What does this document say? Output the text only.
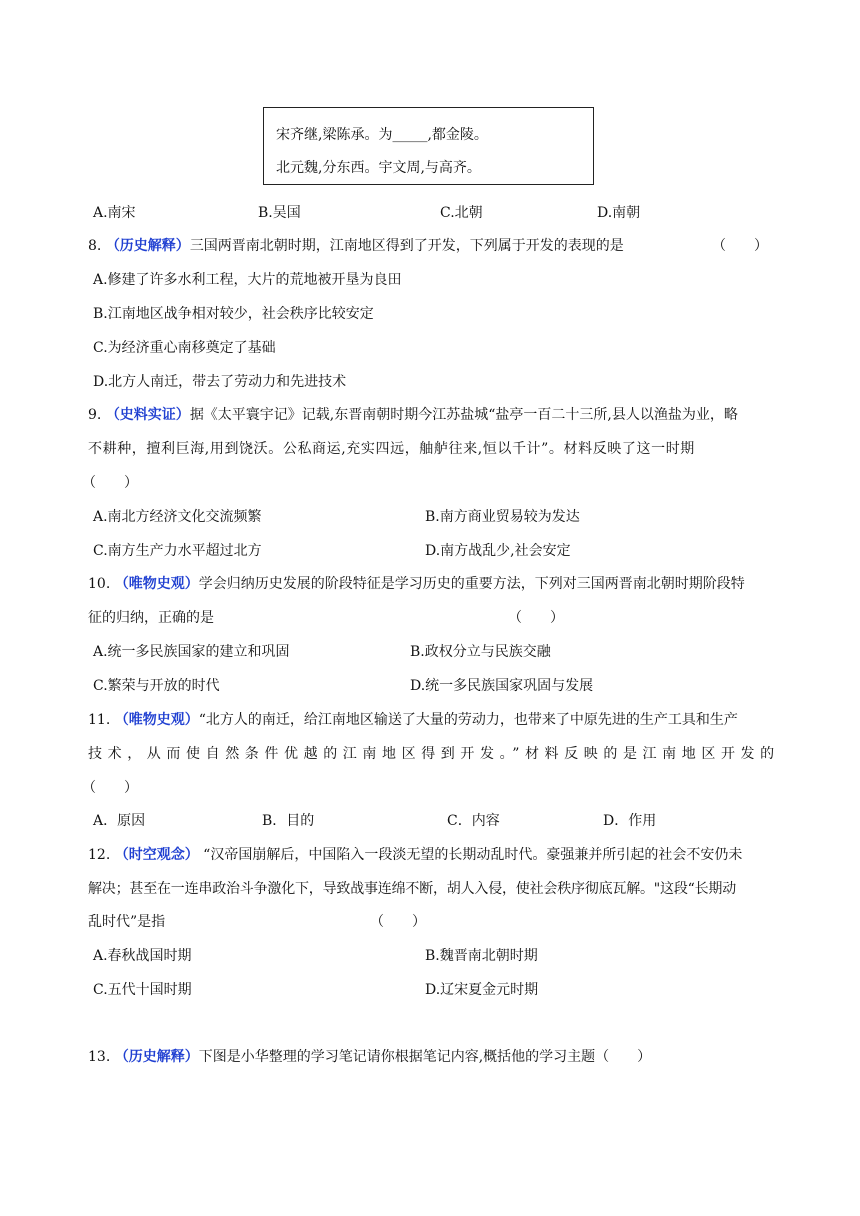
宋齐继,梁陈承。为_____,都金陵。
北元魏,分东西。宇文周,与高齐。
A.南宋	B.吴国	C.北朝	D.南朝
8. （历史解释）三国两晋南北朝时期，江南地区得到了开发，下列属于开发的表现的是	（　　）
A.修建了许多水利工程，大片的荒地被开垦为良田
B.江南地区战争相对较少，社会秩序比较安定
C.为经济重心南移奠定了基础
D.北方人南迁，带去了劳动力和先进技术
9. （史料实证）据《太平寰宇记》记载,东晋南朝时期今江苏盐城“盐亭一百二十三所,县人以渔盐为业，略
不耕种，擅利巨海,用到饶沃。公私商运,充实四远，舳舻往来,恒以千计”。材料反映了这一时期
（　　）
A.南北方经济文化交流频繁	B.南方商业贸易较为发达
C.南方生产力水平超过北方	D.南方战乱少,社会安定
10. （唯物史观）学会归纳历史发展的阶段特征是学习历史的重要方法，下列对三国两晋南北朝时期阶段特
征的归纳，正确的是	（　　）
A.统一多民族国家的建立和巩固	B.政权分立与民族交融
C.繁荣与开放的时代	D.统一多民族国家巩固与发展
11. （唯物史观）“北方人的南迁，给江南地区输送了大量的劳动力，也带来了中原先进的生产工具和生产
技术，从而使自然条件优越的江南地区得到开发。”材料反映的是江南地区开发的
（　　）
A．原因	B．目的	C．内容	D．作用
12. （时空观念） “汉帝国崩解后，中国陷入一段淡无望的长期动乱时代。豪强兼并所引起的社会不安仍未
解决；甚至在一连串政治斗争激化下，导致战事连绵不断，胡人入侵，使社会秩序彻底瓦解。"这段“长期动
乱时代”是指	（　　）
A.春秋战国时期	B.魏晋南北朝时期
C.五代十国时期	D.辽宋夏金元时期
13. （历史解释）下图是小华整理的学习笔记请你根据笔记内容,概括他的学习主题（　　）
